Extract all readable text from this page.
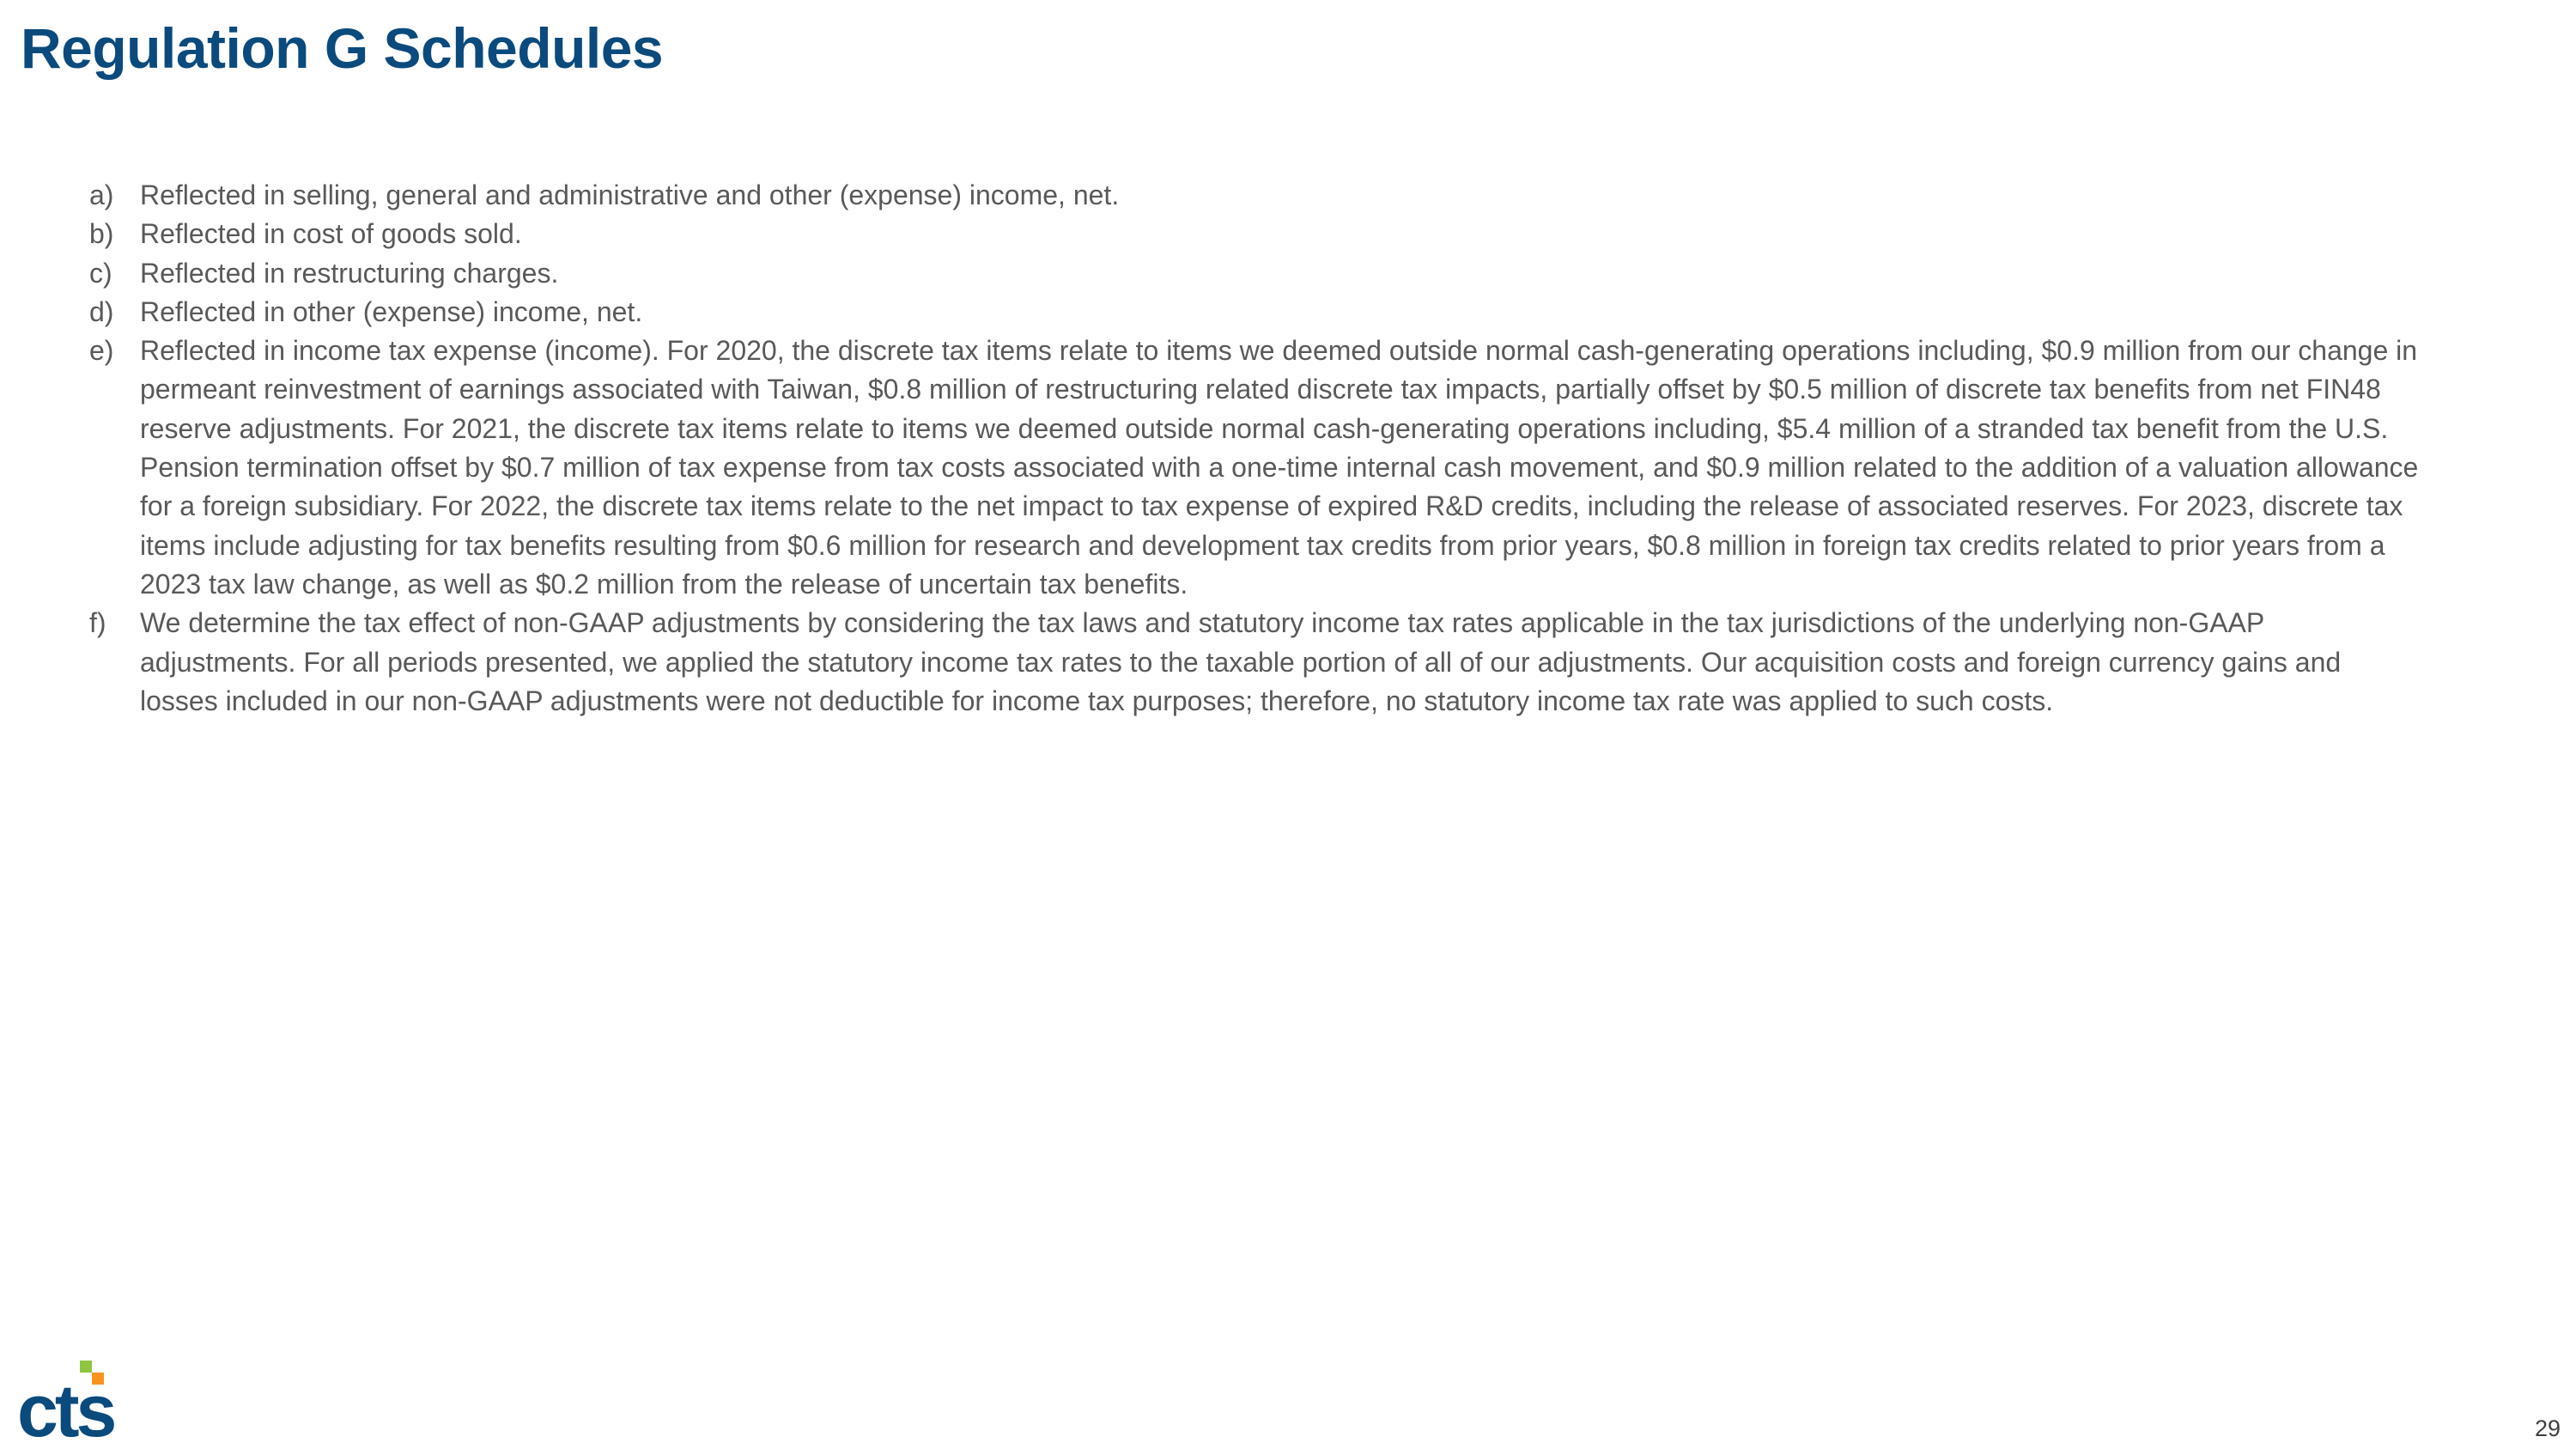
Regulation G Schedules
a) Reflected in selling, general and administrative and other (expense) income, net.
b) Reflected in cost of goods sold.
c)	Reflected in restructuring charges.
d) Reflected in other (expense) income, net.
e) Reflected in income tax expense (income). For 2020, the discrete tax items relate to items we deemed outside normal cash-generating operations including, $0.9 million from our change in permeant reinvestment of earnings associated with Taiwan, $0.8 million of restructuring related discrete tax impacts, partially offset by $0.5 million of discrete tax benefits from net FIN48 reserve adjustments. For 2021, the discrete tax items relate to items we deemed outside normal cash-generating operations including, $5.4 million of a stranded tax benefit from the U.S. Pension termination offset by $0.7 million of tax expense from tax costs associated with a one-time internal cash movement, and $0.9 million related to the addition of a valuation allowance for a foreign subsidiary. For 2022, the discrete tax items relate to the net impact to tax expense of expired R&D credits, including the release of associated reserves. For 2023, discrete tax items include adjusting for tax benefits resulting from $0.6 million for research and development tax credits from prior years, $0.8 million in foreign tax credits related to prior years from a 2023 tax law change, as well as $0.2 million from the release of uncertain tax benefits.
f)	We determine the tax effect of non-GAAP adjustments by considering the tax laws and statutory income tax rates applicable in the tax jurisdictions of the underlying non-GAAP adjustments. For all periods presented, we applied the statutory income tax rates to the taxable portion of all of our adjustments. Our acquisition costs and foreign currency gains and losses included in our non-GAAP adjustments were not deductible for income tax purposes; therefore, no statutory income tax rate was applied to such costs.
cts	29
